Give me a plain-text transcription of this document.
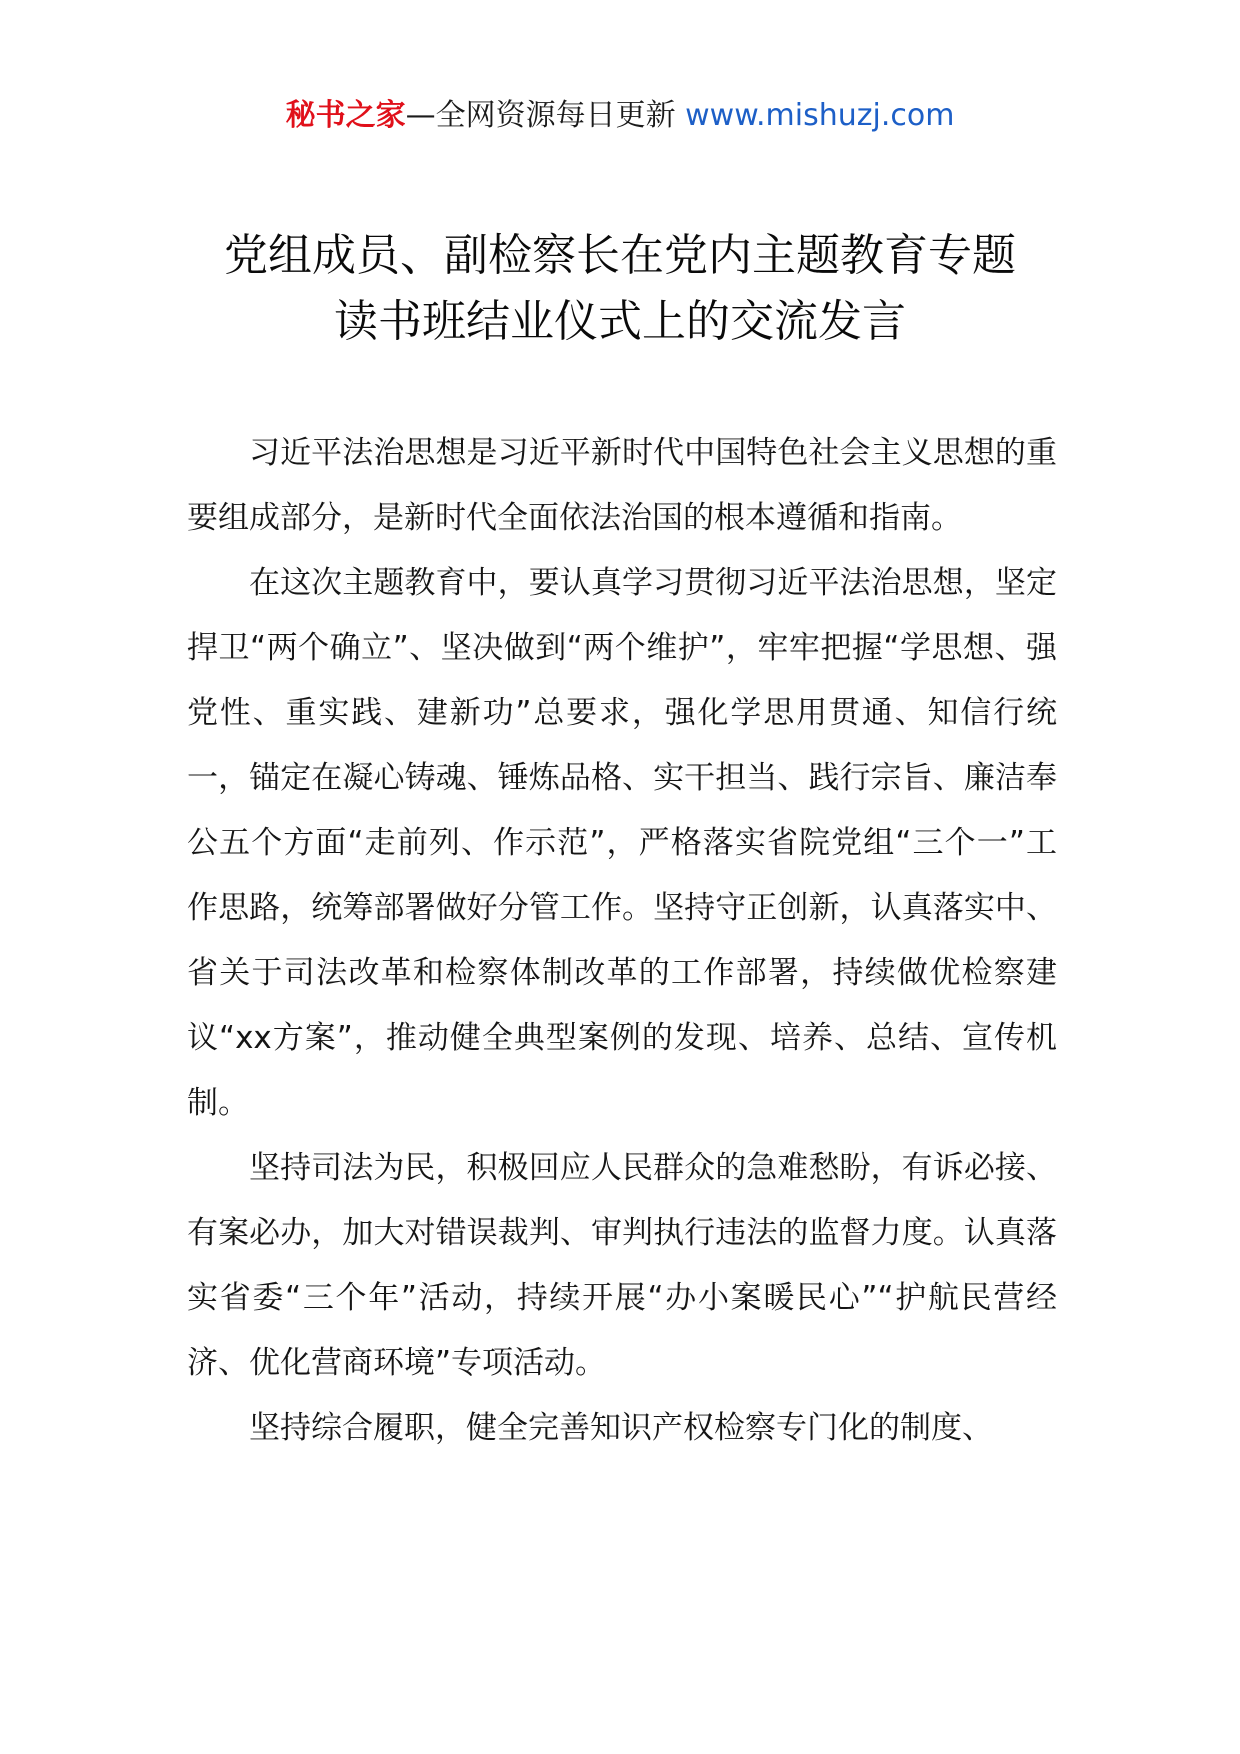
秘书之家—全网资源每日更新 www.mishuzj.com
党组成员、副检察长在党内主题教育专题
读书班结业仪式上的交流发言

习近平法治思想是习近平新时代中国特色社会主义思想的重要组成部分，是新时代全面依法治国的根本遵循和指南。

在这次主题教育中，要认真学习贯彻习近平法治思想，坚定捍卫“两个确立”、坚决做到“两个维护”，牢牢把握“学思想、强党性、重实践、建新功”总要求，强化学思用贯通、知信行统一，锚定在凝心铸魂、锤炼品格、实干担当、践行宗旨、廉洁奉公五个方面“走前列、作示范”，严格落实省院党组“三个一”工作思路，统筹部署做好分管工作。坚持守正创新，认真落实中、省关于司法改革和检察体制改革的工作部署，持续做优检察建议“xx方案”，推动健全典型案例的发现、培养、总结、宣传机制。

坚持司法为民，积极回应人民群众的急难愁盼，有诉必接、有案必办，加大对错误裁判、审判执行违法的监督力度。认真落实省委“三个年”活动，持续开展“办小案暖民心”“护航民营经济、优化营商环境”专项活动。

坚持综合履职，健全完善知识产权检察专门化的制度、
